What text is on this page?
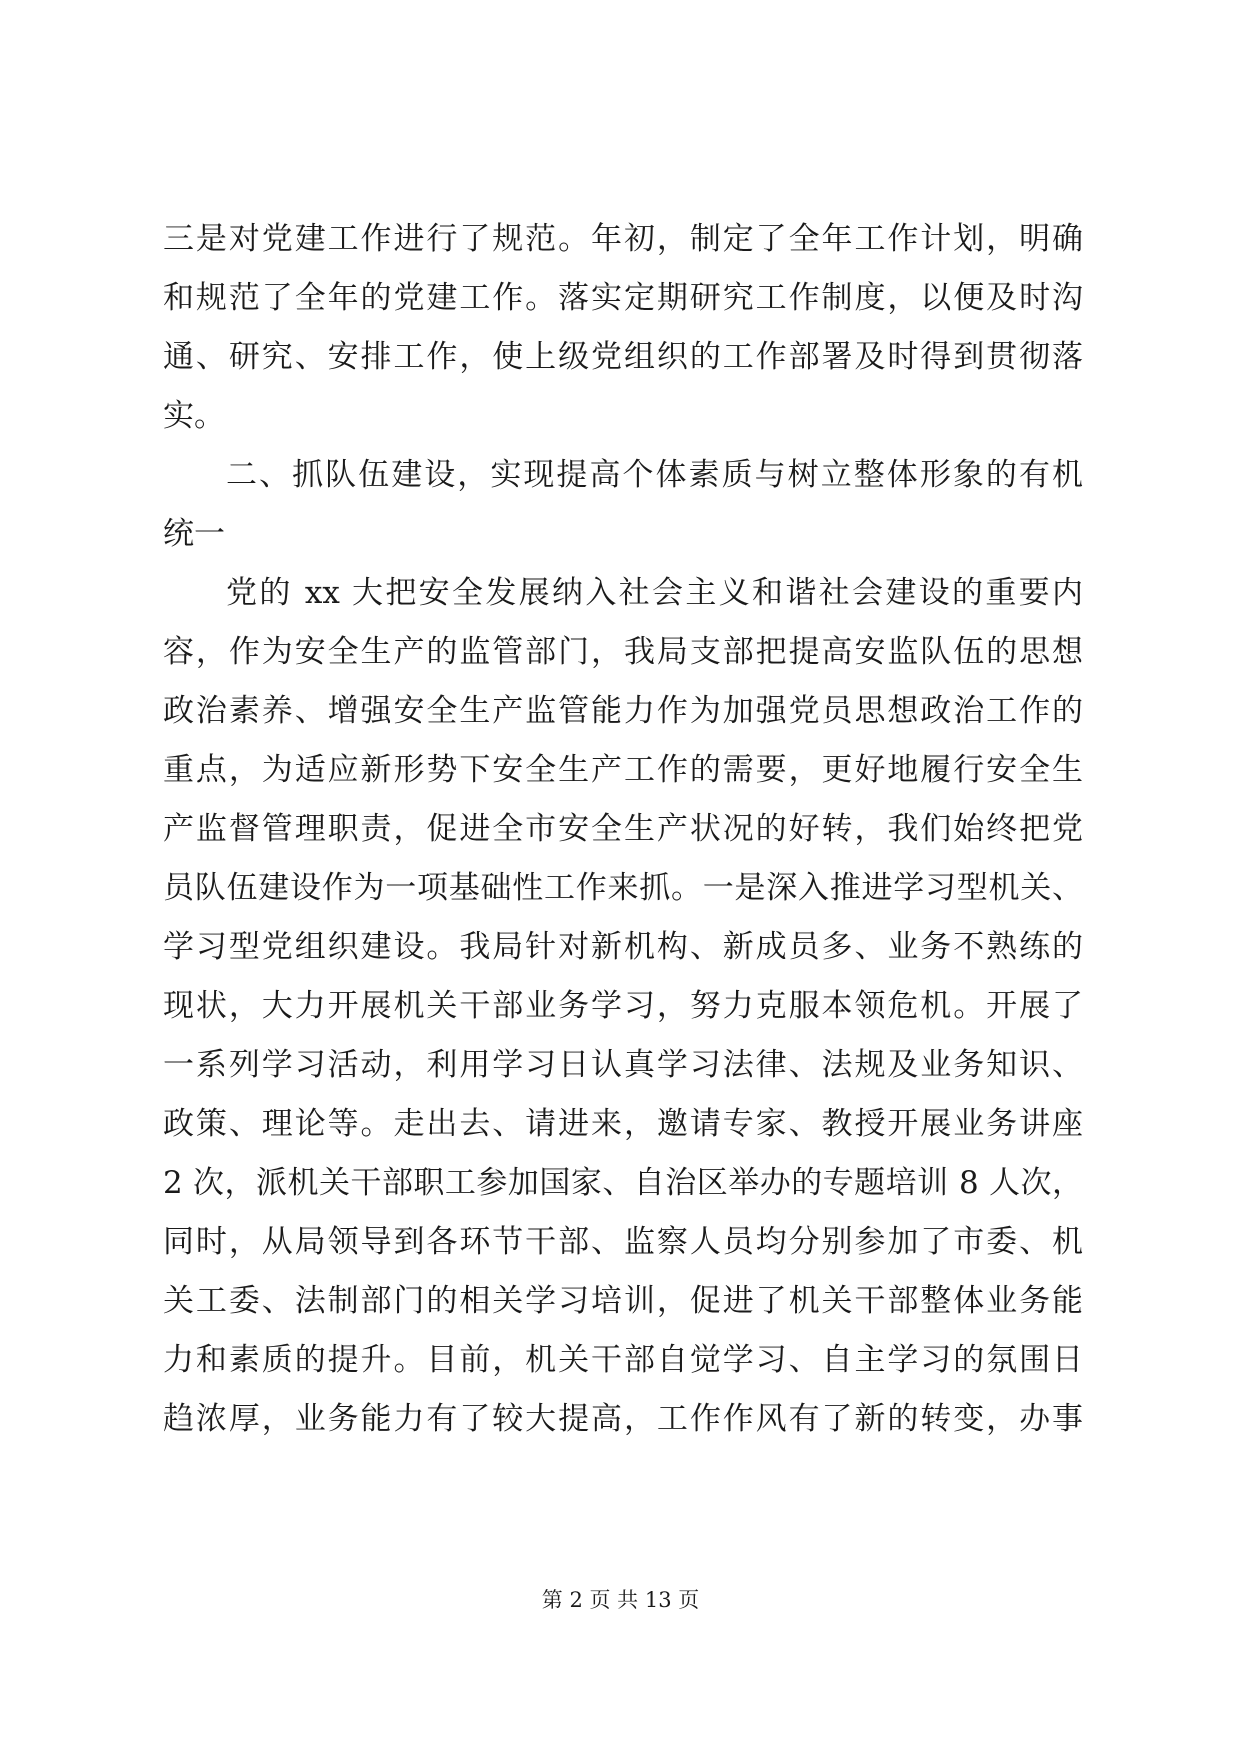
三是对党建工作进行了规范。年初，制定了全年工作计划，明确
和规范了全年的党建工作。落实定期研究工作制度，以便及时沟
通、研究、安排工作，使上级党组织的工作部署及时得到贯彻落
实。
二、抓队伍建设，实现提高个体素质与树立整体形象的有机
统一
党的 xx 大把安全发展纳入社会主义和谐社会建设的重要内
容，作为安全生产的监管部门，我局支部把提高安监队伍的思想
政治素养、增强安全生产监管能力作为加强党员思想政治工作的
重点，为适应新形势下安全生产工作的需要，更好地履行安全生
产监督管理职责，促进全市安全生产状况的好转，我们始终把党
员队伍建设作为一项基础性工作来抓。一是深入推进学习型机关、
学习型党组织建设。我局针对新机构、新成员多、业务不熟练的
现状，大力开展机关干部业务学习，努力克服本领危机。开展了
一系列学习活动，利用学习日认真学习法律、法规及业务知识、
政策、理论等。走出去、请进来，邀请专家、教授开展业务讲座
2 次，派机关干部职工参加国家、自治区举办的专题培训 8 人次，
同时，从局领导到各环节干部、监察人员均分别参加了市委、机
关工委、法制部门的相关学习培训，促进了机关干部整体业务能
力和素质的提升。目前，机关干部自觉学习、自主学习的氛围日
趋浓厚，业务能力有了较大提高，工作作风有了新的转变，办事
第 2 页 共 13 页
